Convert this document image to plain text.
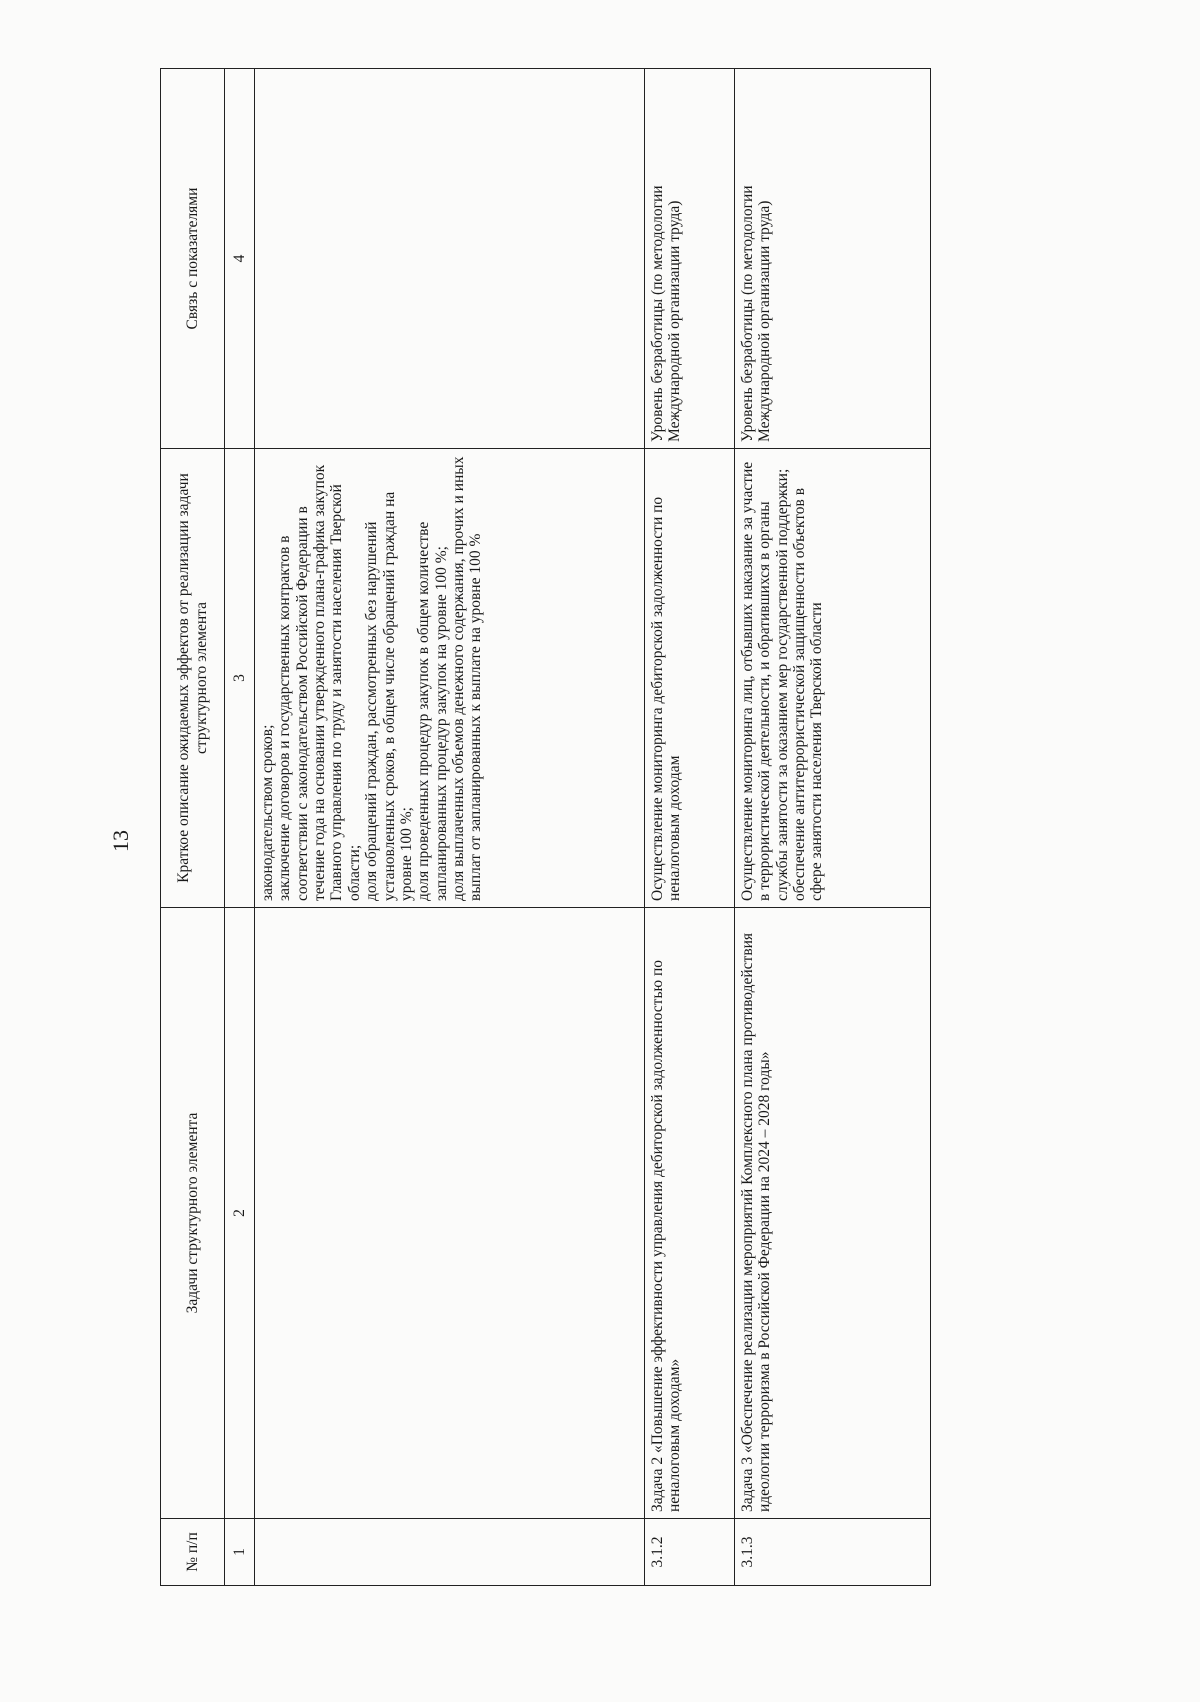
13
№ п/п	Задачи структурного элемента	Краткое описание ожидаемых эффектов от реализации задачи структурного элемента	Связь с показателями
1	2	3	4

		законодательством сроков; заключение договоров и государственных контрактов в соответствии с законодательством Российской Федерации в течение года на основании утвержденного плана-графика закупок Главного управления по труду и занятости населения Тверской области; доля обращений граждан, рассмотренных без нарушений установленных сроков, в общем числе обращений граждан на уровне 100 %; доля проведенных процедур закупок в общем количестве запланированных процедур закупок на уровне 100 %; доля выплаченных объемов денежного содержания, прочих и иных выплат от запланированных к выплате на уровне 100 %	

3.1.2	Задача 2 «Повышение эффективности управления дебиторской задолженностью по неналоговым доходам»	Осуществление мониторинга дебиторской задолженности по неналоговым доходам	Уровень безработицы (по методологии Международной организации труда)
3.1.3	Задача 3 «Обеспечение реализации мероприятий Комплексного плана противодействия идеологии терроризма в Российской Федерации на 2024 – 2028 годы»	Осуществление мониторинга лиц, отбывших наказание за участие в террористической деятельности, и обратившихся в органы службы занятости за оказанием мер государственной поддержки; обеспечение антитеррористической защищенности объектов в сфере занятости населения Тверской области	Уровень безработицы (по методологии Международной организации труда)
